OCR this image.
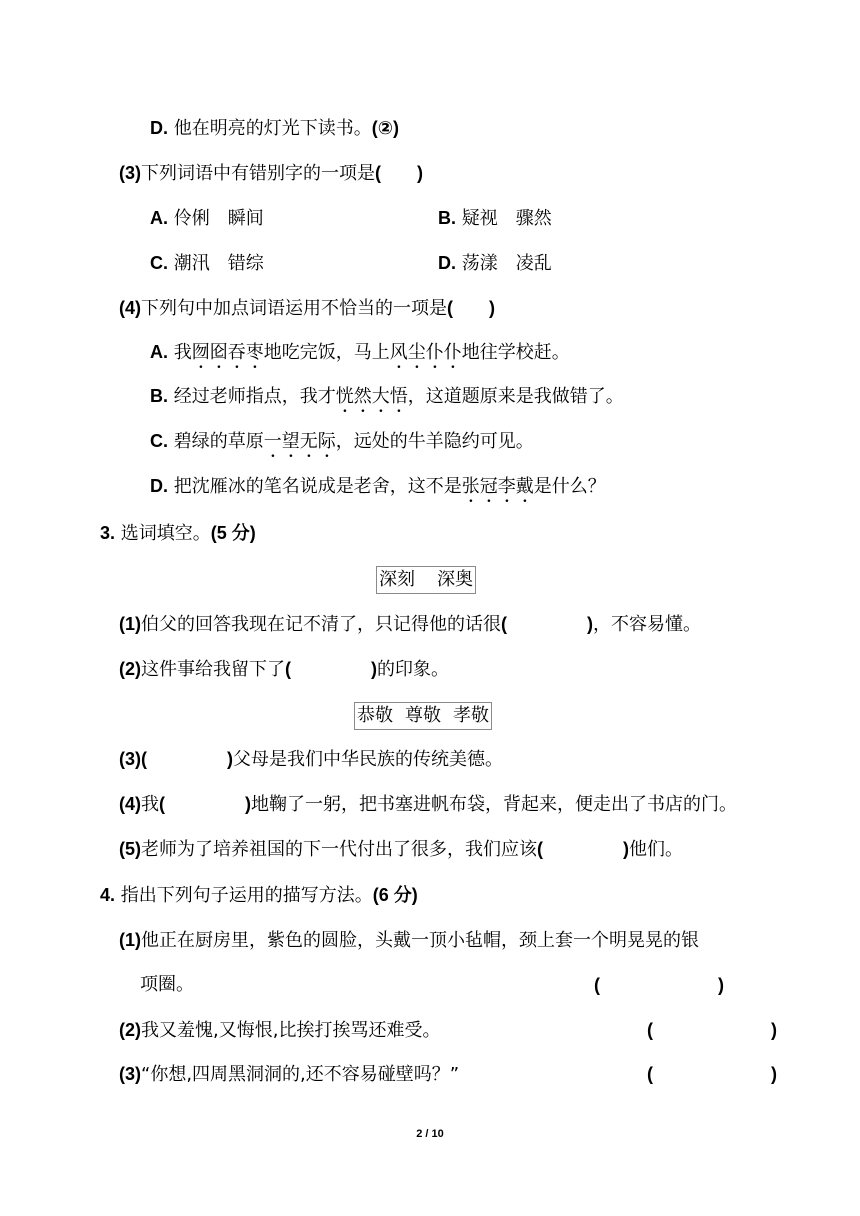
D. 他在明亮的灯光下读书。(②)
(3)下列词语中有错别字的一项是( )
A. 伶俐　瞬间	B. 疑视　骤然
C. 潮汛　错综	D. 荡漾　凌乱
(4)下列句中加点词语运用不恰当的一项是( )
A. 我囫囵吞枣地吃完饭，马上风尘仆仆地往学校赶。
B. 经过老师指点，我才恍然大悟，这道题原来是我做错了。
C. 碧绿的草原一望无际，远处的牛羊隐约可见。
D. 把沈雁冰的笔名说成是老舍，这不是张冠李戴是什么？
3. 选词填空。(5 分)
深刻 深奥
(1)伯父的回答我现在记不清了，只记得他的话很(	)，不容易懂。
(2)这件事给我留下了(	)的印象。
恭敬 尊敬 孝敬
(3)(	)父母是我们中华民族的传统美德。
(4)我(	)地鞠了一躬，把书塞进帆布袋，背起来，便走出了书店的门。
(5)老师为了培养祖国的下一代付出了很多，我们应该(	)他们。
4. 指出下列句子运用的描写方法。(6 分)
(1)他正在厨房里，紫色的圆脸，头戴一顶小毡帽，颈上套一个明晃晃的银
项圈。	(	)
(2)我又羞愧,又悔恨,比挨打挨骂还难受。	(	)
(3)“你想,四周黑洞洞的,还不容易碰壁吗？”	(	)
2 / 10
